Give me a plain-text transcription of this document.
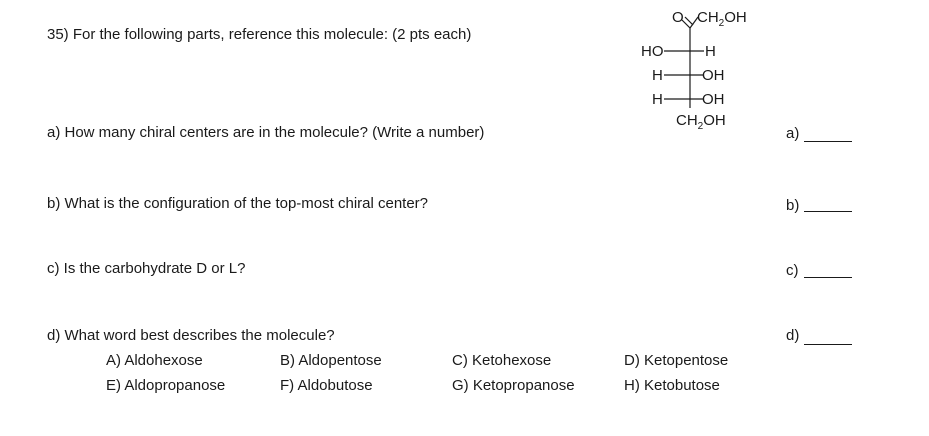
35) For the following parts, reference this molecule: (2 pts each)
O $CH_2OH$
HO	H
H	OH
H	OH
$CH_2OH$
a) How many chiral centers are in the molecule? (Write a number)	a)
b) What is the configuration of the top-most chiral center?	b)
c) Is the carbohydrate D or L?	c)
d) What word best describes the molecule?	d)
A) Aldohexose	B) Aldopentose	C) Ketohexose	D) Ketopentose
E) Aldopropanose	F) Aldobutose	G) Ketopropanose	H) Ketobutose
